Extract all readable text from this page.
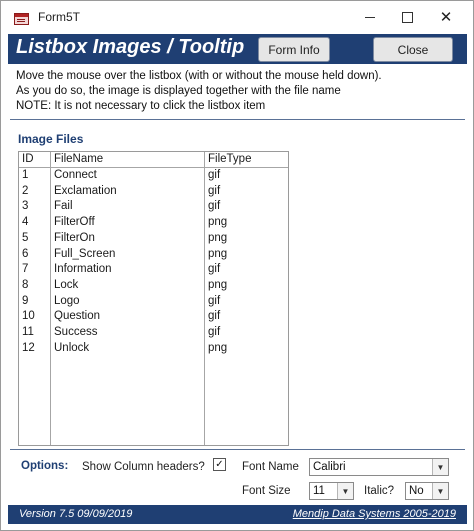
Form5T	✕
Listbox Images / Tooltip	Form Info	Close
Move the mouse over the listbox (with or without the mouse held down).
As you do so, the image is displayed together with the file name
NOTE: It is not necessary to click the listbox item
Image Files
ID FileName	FileType
1 Connect	gif
2 Exclamation	gif
3 Fail	gif
4 FilterOff	png
5 FilterOn	png
6 Full_Screen	png
7 Information	gif
8 Lock	png
9 Logo	gif
10 Question	gif
11 Success	gif
12 Unlock	png
Options: Show Column headers? ✓ Font Name Calibri	▼
Font Size 11	▼	Italic? No	▼
Version 7.5 09/09/2019	Mendip Data Systems 2005-2019
